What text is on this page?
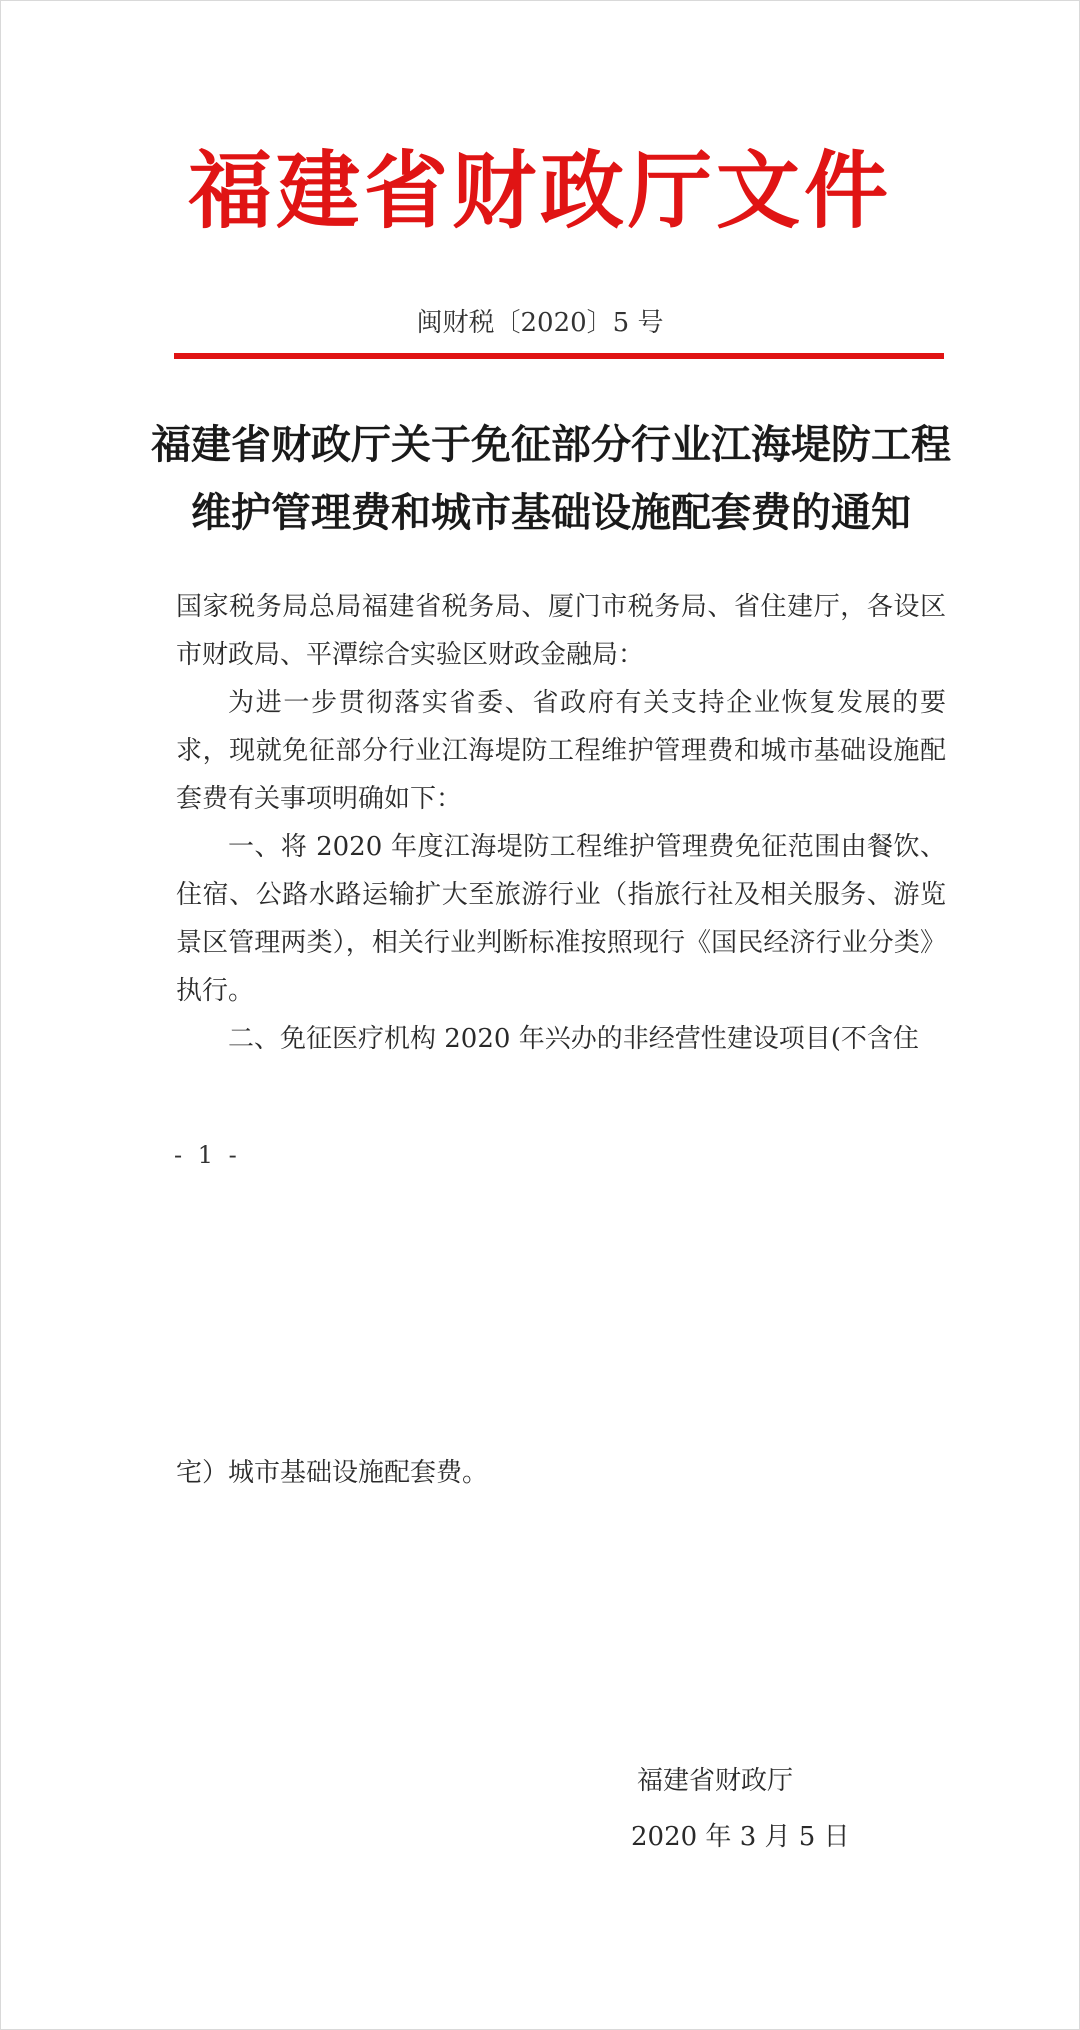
福建省财政厅文件
闽财税〔2020〕5 号
福建省财政厅关于免征部分行业江海堤防工程
维护管理费和城市基础设施配套费的通知

国家税务局总局福建省税务局、厦门市税务局、省住建厅，各设区市财政局、平潭综合实验区财政金融局：

为进一步贯彻落实省委、省政府有关支持企业恢复发展的要求，现就免征部分行业江海堤防工程维护管理费和城市基础设施配套费有关事项明确如下：

一、将 2020 年度江海堤防工程维护管理费免征范围由餐饮、住宿、公路水路运输扩大至旅游行业（指旅行社及相关服务、游览景区管理两类），相关行业判断标准按照现行《国民经济行业分类》执行。

二、免征医疗机构 2020 年兴办的非经营性建设项目(不含住

- 1 -
宅）城市基础设施配套费。
福建省财政厅
2020 年 3 月 5 日
